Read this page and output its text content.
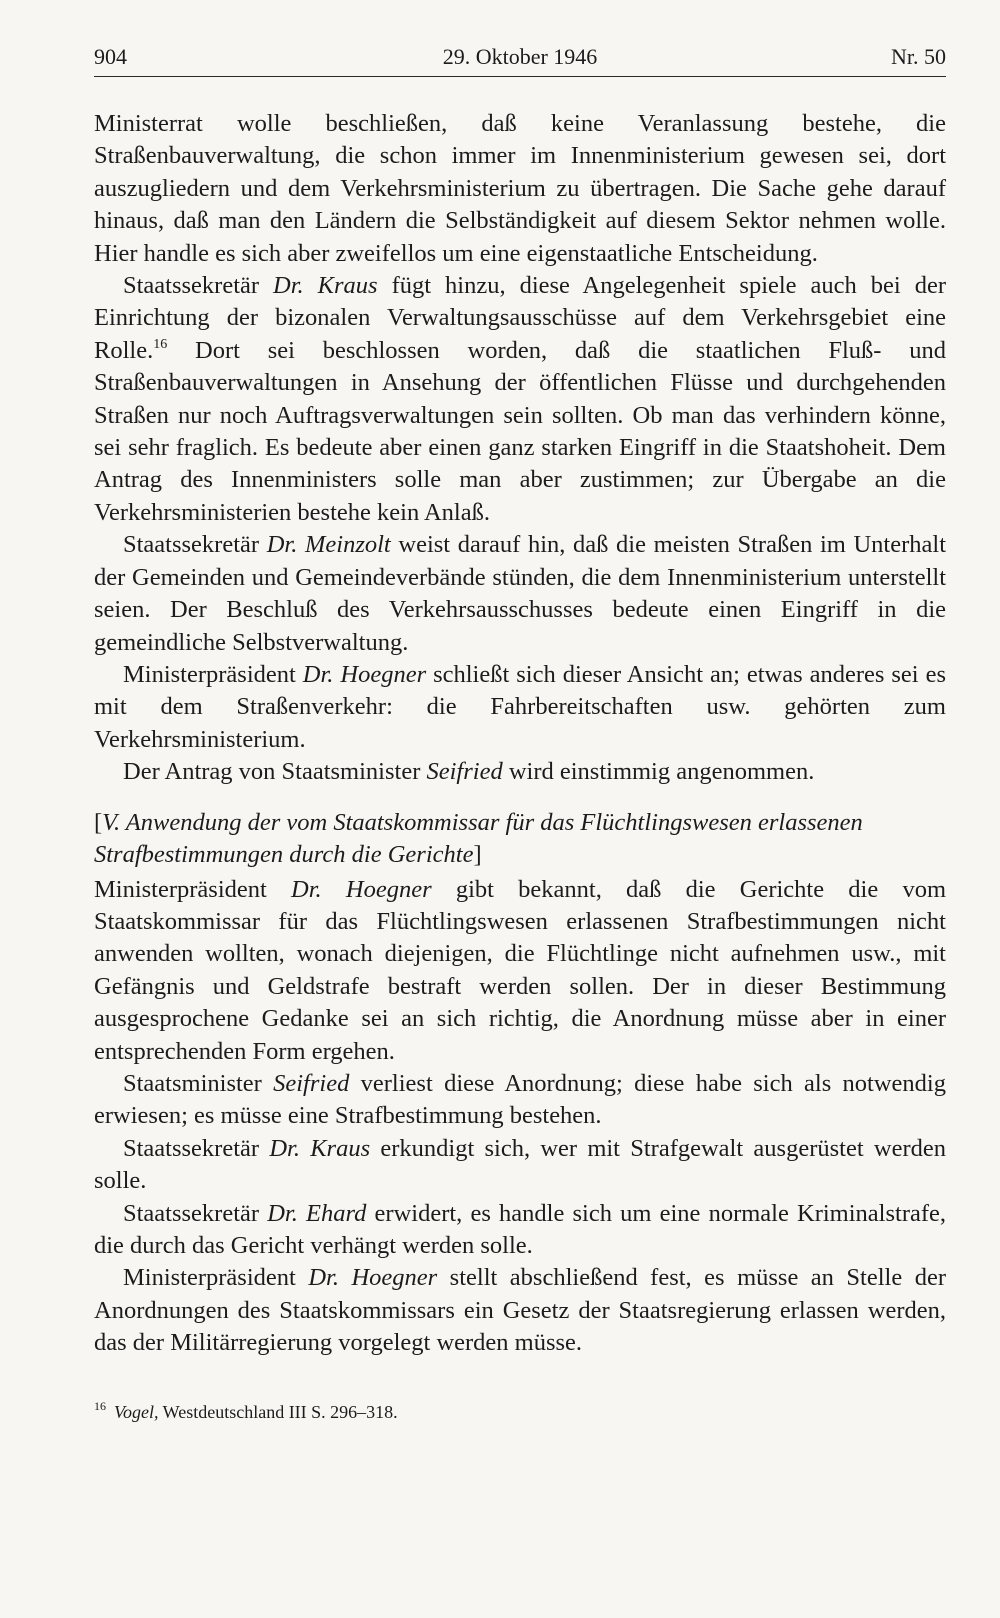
904	29. Oktober 1946	Nr. 50

Ministerrat wolle beschließen, daß keine Veranlassung bestehe, die Straßenbauverwaltung, die schon immer im Innenministerium gewesen sei, dort auszugliedern und dem Verkehrsministerium zu übertragen. Die Sache gehe darauf hinaus, daß man den Ländern die Selbständigkeit auf diesem Sektor nehmen wolle. Hier handle es sich aber zweifellos um eine eigenstaatliche Entscheidung.

Staatssekretär Dr. Kraus fügt hinzu, diese Angelegenheit spiele auch bei der Einrichtung der bizonalen Verwaltungsausschüsse auf dem Verkehrsgebiet eine Rolle.$^{16}$ Dort sei beschlossen worden, daß die staatlichen Fluß- und Straßenbauverwaltungen in Ansehung der öffentlichen Flüsse und durchgehenden Straßen nur noch Auftragsverwaltungen sein sollten. Ob man das verhindern könne, sei sehr fraglich. Es bedeute aber einen ganz starken Eingriff in die Staatshoheit. Dem Antrag des Innenministers solle man aber zustimmen; zur Übergabe an die Verkehrsministerien bestehe kein Anlaß.

Staatssekretär Dr. Meinzolt weist darauf hin, daß die meisten Straßen im Unterhalt der Gemeinden und Gemeindeverbände stünden, die dem Innenministerium unterstellt seien. Der Beschluß des Verkehrsausschusses bedeute einen Eingriff in die gemeindliche Selbstverwaltung.

Ministerpräsident Dr. Hoegner schließt sich dieser Ansicht an; etwas anderes sei es mit dem Straßenverkehr: die Fahrbereitschaften usw. gehörten zum Verkehrsministerium.

Der Antrag von Staatsminister Seifried wird einstimmig angenommen.

[V. Anwendung der vom Staatskommissar für das Flüchtlingswesen erlassenen Strafbestimmungen durch die Gerichte]

Ministerpräsident Dr. Hoegner gibt bekannt, daß die Gerichte die vom Staatskommissar für das Flüchtlingswesen erlassenen Strafbestimmungen nicht anwenden wollten, wonach diejenigen, die Flüchtlinge nicht aufnehmen usw., mit Gefängnis und Geldstrafe bestraft werden sollen. Der in dieser Bestimmung ausgesprochene Gedanke sei an sich richtig, die Anordnung müsse aber in einer entsprechenden Form ergehen.

Staatsminister Seifried verliest diese Anordnung; diese habe sich als notwendig erwiesen; es müsse eine Strafbestimmung bestehen.

Staatssekretär Dr. Kraus erkundigt sich, wer mit Strafgewalt ausgerüstet werden solle.

Staatssekretär Dr. Ehard erwidert, es handle sich um eine normale Kriminalstrafe, die durch das Gericht verhängt werden solle.

Ministerpräsident Dr. Hoegner stellt abschließend fest, es müsse an Stelle der Anordnungen des Staatskommissars ein Gesetz der Staatsregierung erlassen werden, das der Militärregierung vorgelegt werden müsse.

$^{16}$ Vogel, Westdeutschland III S. 296–318.
